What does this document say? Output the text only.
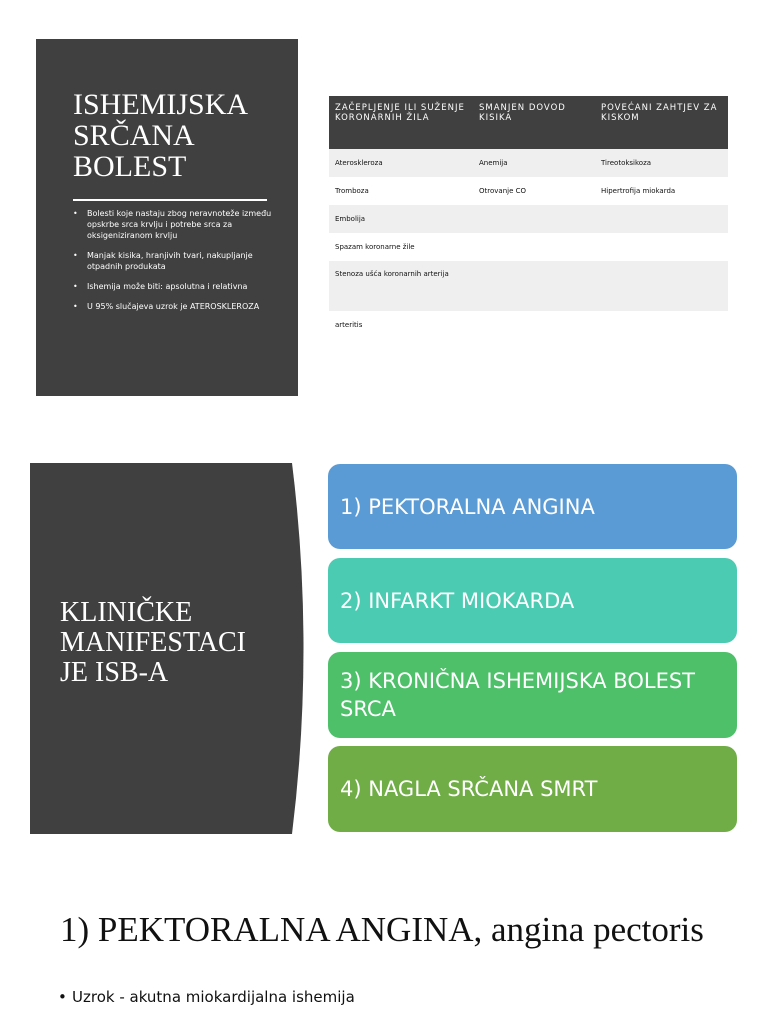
ISHEMIJSKA SRČANA BOLEST
• Bolesti koje nastaju zbog neravnoteže između opskrbe srca krvlju i potrebe srca za oksigeniziranom krvlju
• Manjak kisika, hranjivih tvari, nakupljanje otpadnih produkata
• Ishemija može biti: apsolutna i relativna
• U 95% slučajeva uzrok je ATEROSKLEROZA
ZAČEPLJENJE ILI SUŽENJE KORONARNIH ŽILA	SMANJEN DOVOD KISIKA	POVEĆANI ZAHTJEV ZA KISKOM
Ateroskleroza	Anemija	Tireotoksikoza
Tromboza	Otrovanje CO	Hipertrofija miokarda
Embolija		
Spazam koronarne žile		
Stenoza ušća koronarnih arterija		
arteritis		
KLINIČKE
MANIFESTACI
JE ISB-A
1) PEKTORALNA ANGINA
2) INFARKT MIOKARDA
3) KRONIČNA ISHEMIJSKA BOLEST SRCA
4) NAGLA SRČANA SMRT
1) PEKTORALNA ANGINA, angina pectoris
• Uzrok - akutna miokardijalna ishemija
